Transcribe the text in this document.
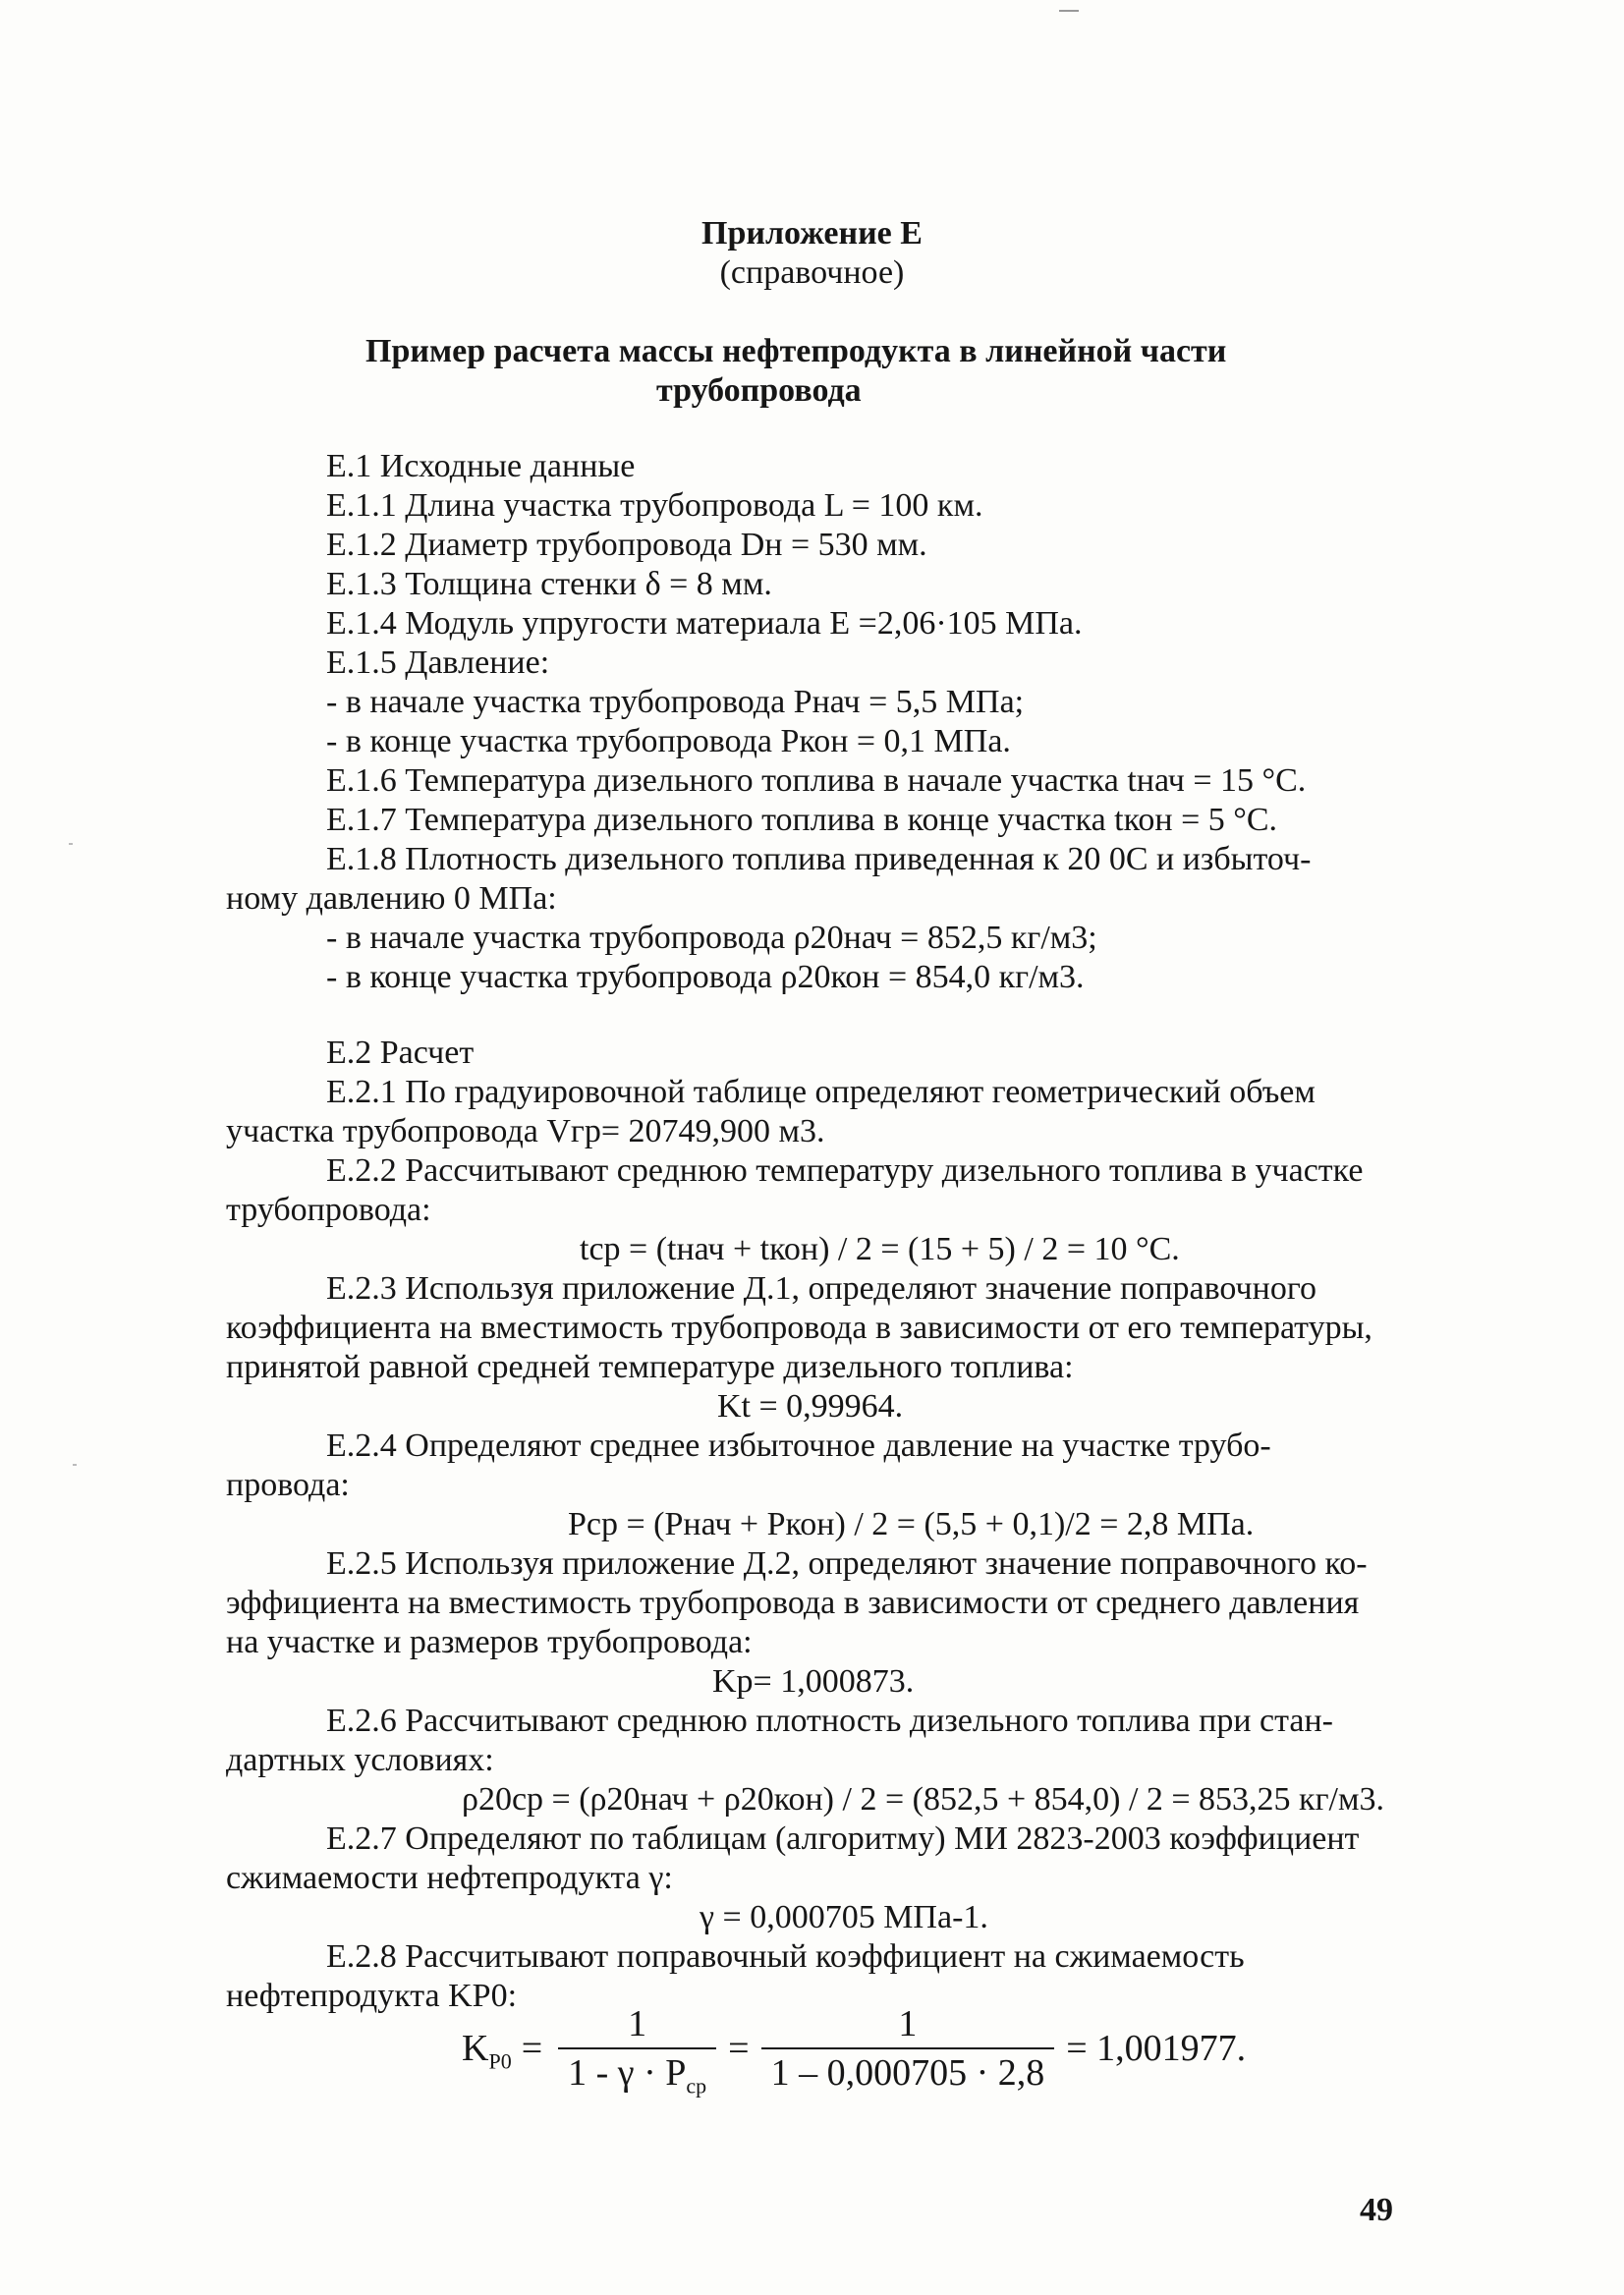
Приложение Е
(справочное)
Пример расчета массы нефтепродукта в линейной части
трубопровода
Е.1 Исходные данные
Е.1.1 Длина участка трубопровода L = 100 км.
Е.1.2 Диаметр трубопровода Dн = 530 мм.
Е.1.3 Толщина стенки δ = 8 мм.
Е.1.4 Модуль упругости материала E =2,06·105 МПа.
Е.1.5 Давление:
- в начале участка трубопровода Pнач = 5,5 МПа;
- в конце участка трубопровода Pкон = 0,1 МПа.
Е.1.6 Температура дизельного топлива в начале участка tнач = 15 °С.
Е.1.7 Температура дизельного топлива в конце участка tкон = 5 °С.
Е.1.8 Плотность дизельного топлива приведенная к 20 0С и избыточ-
ному давлению 0 МПа:
- в начале участка трубопровода ρ20нач = 852,5 кг/м3;
- в конце участка трубопровода ρ20кон = 854,0 кг/м3.
Е.2 Расчет
Е.2.1 По градуировочной таблице определяют геометрический объем
участка трубопровода Vгр= 20749,900 м3.
Е.2.2 Рассчитывают среднюю температуру дизельного топлива в участке
трубопровода:
tср = (tнач + tкон) / 2 = (15 + 5) / 2 = 10 °С.
Е.2.3 Используя приложение Д.1, определяют значение поправочного
коэффициента на вместимость трубопровода в зависимости от его температуры,
принятой равной средней температуре дизельного топлива:
Kt = 0,99964.
Е.2.4 Определяют среднее избыточное давление на участке трубо-
провода:
Pср = (Pнач + Pкон) / 2 = (5,5 + 0,1)/2 = 2,8 МПа.
Е.2.5 Используя приложение Д.2, определяют значение поправочного ко-
эффициента на вместимость трубопровода в зависимости от среднего давления
на участке и размеров трубопровода:
Kp= 1,000873.
Е.2.6 Рассчитывают среднюю плотность дизельного топлива при стан-
дартных условиях:
ρ20ср = (ρ20нач + ρ20кон) / 2 = (852,5 + 854,0) / 2 = 853,25 кг/м3.
Е.2.7 Определяют по таблицам (алгоритму) МИ 2823-2003 коэффициент
сжимаемости нефтепродукта γ:
γ = 0,000705 МПа-1.
Е.2.8 Рассчитывают поправочный коэффициент на сжимаемость
нефтепродукта KP0:
$K_{P0} = \frac{1}{1 - \gamma \cdot P_{ср}} = \frac{1}{1 - 0,000705 \cdot 2,8} = 1,001977$.
49
